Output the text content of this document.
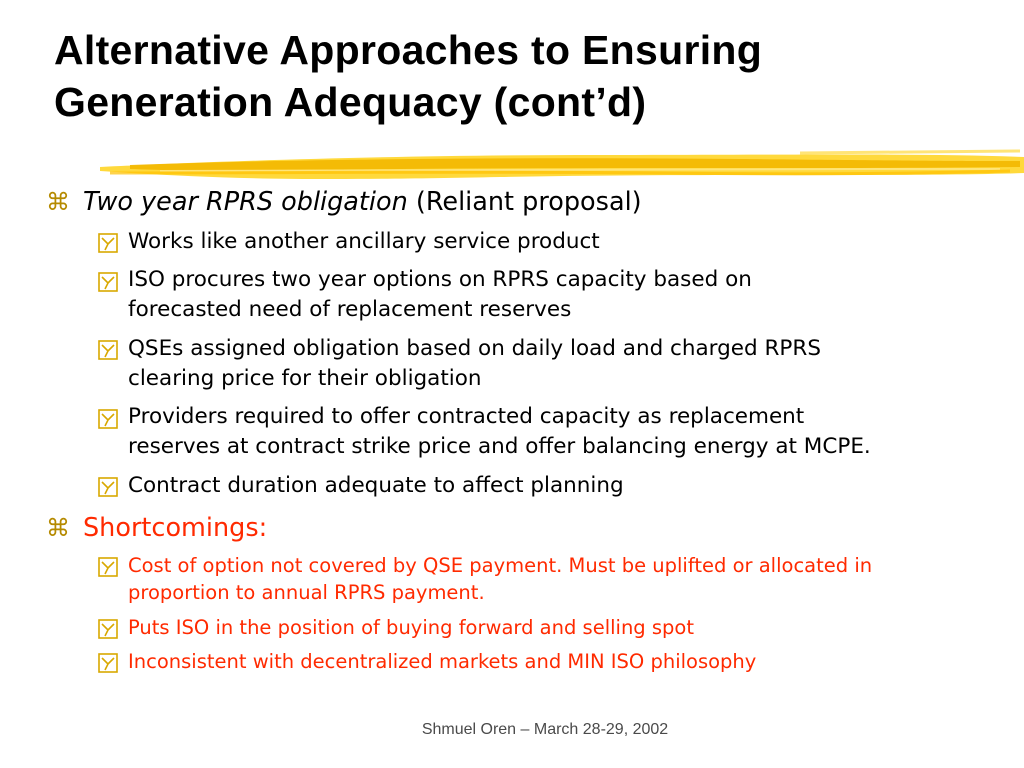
Alternative Approaches to Ensuring
Generation Adequacy (cont’d)
⌘ Two year RPRS obligation (Reliant proposal)
Works like another ancillary service product
ISO procures two year options on RPRS capacity based on
forecasted need of replacement reserves
QSEs assigned obligation based on daily load and charged RPRS
clearing price for their obligation
Providers required to offer contracted capacity as replacement
reserves at contract strike price and offer balancing energy at MCPE.
Contract duration adequate to affect planning
⌘ Shortcomings:
Cost of option not covered by QSE payment. Must be uplifted or allocated in
proportion to annual RPRS payment.
Puts ISO in the position of buying forward and selling spot
Inconsistent with decentralized markets and MIN ISO philosophy
Shmuel Oren – March 28-29, 2002
